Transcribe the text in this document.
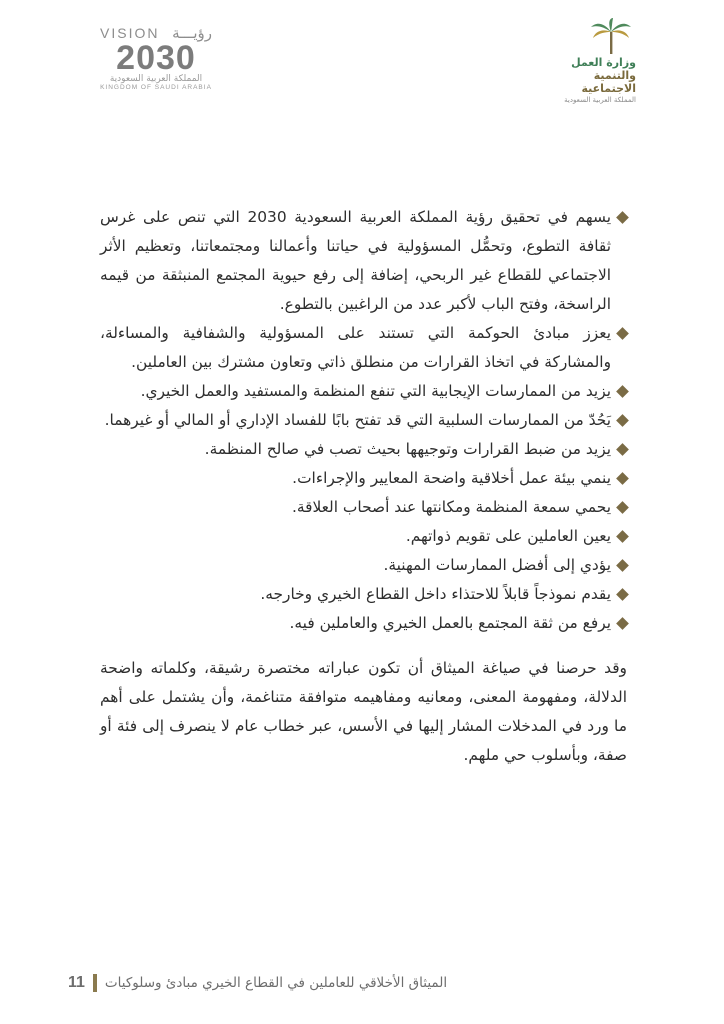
VISION رؤيـــة
2030
المملكة العربية السعودية
KINGDOM OF SAUDI ARABIA
وزارة العمل
والتنمية الاجتماعية
المملكة العربية السعودية
يسهم في تحقيق رؤية المملكة العربية السعودية 2030 التي تنص على غرس ثقافة التطوع، وتحمُّل المسؤولية في حياتنا وأعمالنا ومجتمعاتنا، وتعظيم الأثر الاجتماعي للقطاع غير الربحي، إضافة إلى رفع حيوية المجتمع المنبثقة من قيمه الراسخة، وفتح الباب لأكبر عدد من الراغبين بالتطوع.
يعزز مبادئ الحوكمة التي تستند على المسؤولية والشفافية والمساءلة، والمشاركة في اتخاذ القرارات من منطلق ذاتي وتعاون مشترك بين العاملين.
يزيد من الممارسات الإيجابية التي تنفع المنظمة والمستفيد والعمل الخيري.
يَحُدّ من الممارسات السلبية التي قد تفتح بابًا للفساد الإداري أو المالي أو غيرهما.
يزيد من ضبط القرارات وتوجيهها بحيث تصب في صالح المنظمة.
ينمي بيئة عمل أخلاقية واضحة المعايير والإجراءات.
يحمي سمعة المنظمة ومكانتها عند أصحاب العلاقة.
يعين العاملين على تقويم ذواتهم.
يؤدي إلى أفضل الممارسات المهنية.
يقدم نموذجاً قابلاً للاحتذاء داخل القطاع الخيري وخارجه.
يرفع من ثقة المجتمع بالعمل الخيري والعاملين فيه.

وقد حرصنا في صياغة الميثاق أن تكون عباراته مختصرة رشيقة، وكلماته واضحة الدلالة، ومفهومة المعنى، ومعانيه ومفاهيمه متوافقة متناغمة، وأن يشتمل على أهم ما ورد في المدخلات المشار إليها في الأسس، عبر خطاب عام لا ينصرف إلى فئة أو صفة، وبأسلوب حي ملهم.

11 الميثاق الأخلاقي للعاملين في القطاع الخيري مبادئ وسلوكيات
